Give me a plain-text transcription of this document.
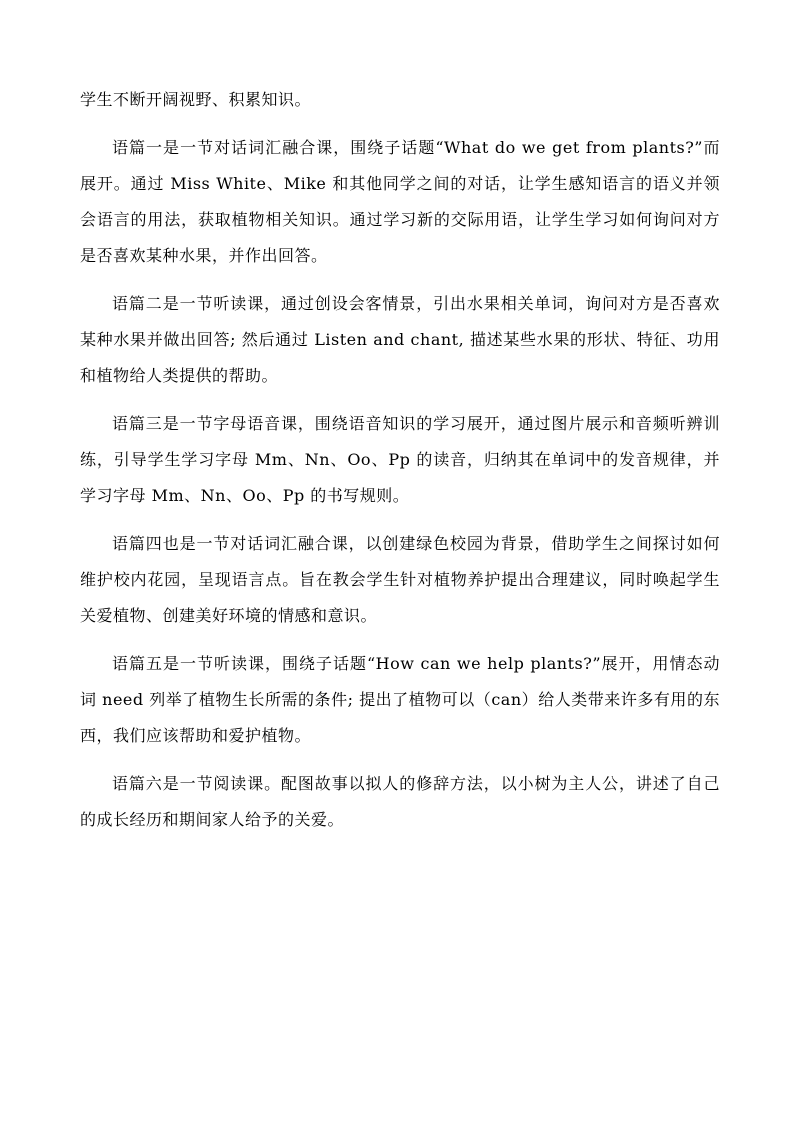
学生不断开阔视野、积累知识。

语篇一是一节对话词汇融合课，围绕子话题“What do we get from plants?”而展开。通过 Miss White、Mike 和其他同学之间的对话，让学生感知语言的语义并领会语言的用法，获取植物相关知识。通过学习新的交际用语，让学生学习如何询问对方是否喜欢某种水果，并作出回答。

语篇二是一节听读课，通过创设会客情景，引出水果相关单词，询问对方是否喜欢某种水果并做出回答; 然后通过 Listen and chant, 描述某些水果的形状、特征、功用和植物给人类提供的帮助。

语篇三是一节字母语音课，围绕语音知识的学习展开，通过图片展示和音频听辨训练，引导学生学习字母 Mm、Nn、Oo、Pp 的读音，归纳其在单词中的发音规律，并学习字母 Mm、Nn、Oo、Pp 的书写规则。

语篇四也是一节对话词汇融合课，以创建绿色校园为背景，借助学生之间探讨如何维护校内花园，呈现语言点。旨在教会学生针对植物养护提出合理建议，同时唤起学生关爱植物、创建美好环境的情感和意识。

语篇五是一节听读课，围绕子话题“How can we help plants?”展开，用情态动词 need 列举了植物生长所需的条件; 提出了植物可以（can）给人类带来许多有用的东西，我们应该帮助和爱护植物。

语篇六是一节阅读课。配图故事以拟人的修辞方法，以小树为主人公，讲述了自己的成长经历和期间家人给予的关爱。
